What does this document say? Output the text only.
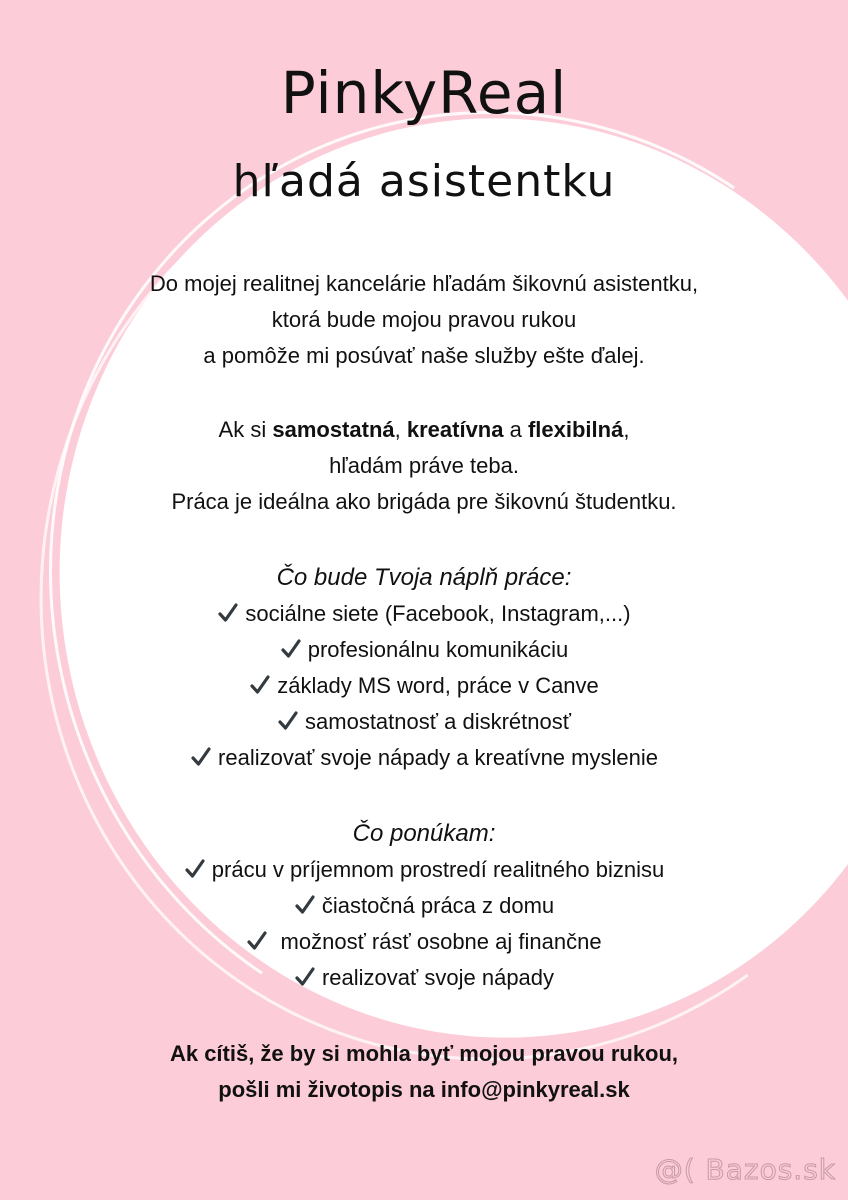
PinkyReal
hľadá asistentku

Do mojej realitnej kancelárie hľadám šikovnú asistentku,

ktorá bude mojou pravou rukou

a pomôže mi posúvať naše služby ešte ďalej.

Ak si samostatná, kreatívna a flexibilná,

hľadám práve teba.

Práca je ideálna ako brigáda pre šikovnú študentku.

Čo bude Tvoja náplň práce:

sociálne siete (Facebook, Instagram,...)

profesionálnu komunikáciu

základy MS word, práce v Canve

samostatnosť a diskrétnosť

realizovať svoje nápady a kreatívne myslenie

Čo ponúkam:

prácu v príjemnom prostredí realitného biznisu

čiastočná práca z domu

možnosť rásť osobne aj finančne

realizovať svoje nápady

Ak cítiš, že by si mohla byť mojou pravou rukou,

pošli mi životopis na info@pinkyreal.sk

@( Bazos.sk
